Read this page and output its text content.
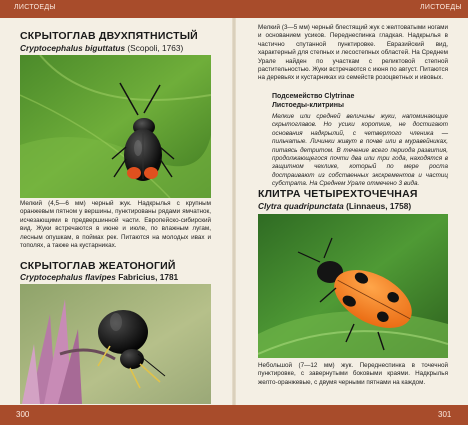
ЛИСТОЕДЫ	ЛИСТОЕДЫ
СКРЫТОГЛАВ ДВУХПЯТНИСТЫЙ

Cryptocephalus biguttatus (Scopoli, 1763)

Мелкий (4,5—6 мм) черный жук. Надкрылья с крупным оранжевым пятном у вершины, пунктированы рядами ямчатнок, исчезающими в предвершинной части. Европейско-сибирский вид. Жуки встречаются в июне и июле, по влажным лугам, лесным опушкам, в поймах рек. Питаются на молодых ивах и тополях, а также на кустарниках.

СКРЫТОГЛАВ ЖЕАТОНОГИЙ

Cryptocephalus flavipes Fabricius, 1781

Мелкий (3—5 мм) черный блестящий жук с желтоватыми ногами и основанием усиков. Переднеспинка гладкая. Надкрылья в частично спутанной пунктировке. Евразийский вид, характерный для степных и лесостепных областей. На Среднем Урале найден по участкам с реликтовой степной растительностью. Жуки встречаются с июня по август. Питаются на деревьях и кустарниках из семейств розоцветных и ивовых.

Подсемейство Clytrinae

Листоеды-клитрины

Мелкие или средней величины жуки, напоминающие скрытоглавов. Но усики короткие, не достигают основания надкрылий, с четвертого членика — пильчатые. Личинки живут в почве или в муравейниках, питаясь детритом. В течение всего периода развития, продолжающегося почти два или три года, находятся в защитном чехлике, который по мере роста достраивают из собственных экскрементов и частиц субстрата. На Среднем Урале отмечено 3 вида.

КЛИТРА ЧЕТЫРЕХТОЧЕЧНАЯ

Clytra quadripunctata (Linnaeus, 1758)

Небольшой (7—12 мм) жук. Переднеспинка в точечной пунктировке, с завернутыми боковыми краями. Надкрылья желто-оранжевые, с двумя черными пятнами на каждом.

300	301
